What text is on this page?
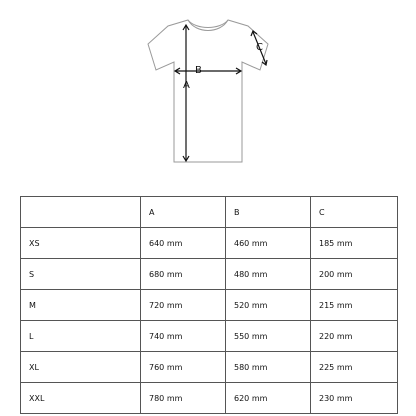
A
B
C
	A	B	C
XS	640 mm	460 mm	185 mm
S	680 mm	480 mm	200 mm
M	720 mm	520 mm	215 mm
L	740 mm	550 mm	220 mm
XL	760 mm	580 mm	225 mm
XXL	780 mm	620 mm	230 mm
